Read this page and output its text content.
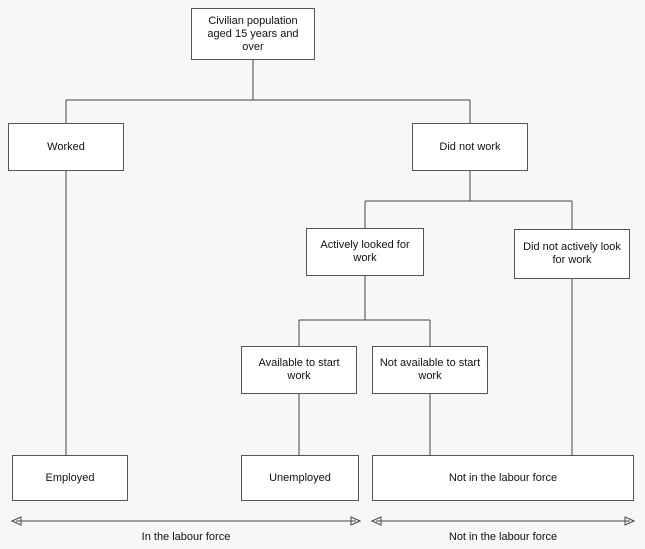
Civilian population aged 15 years and over
Worked	Did not work
Actively looked for work
Did not actively look for work
Available to start work
Not available to start work
Employed	Unemployed	Not in the labour force
In the labour force	Not in the labour force
